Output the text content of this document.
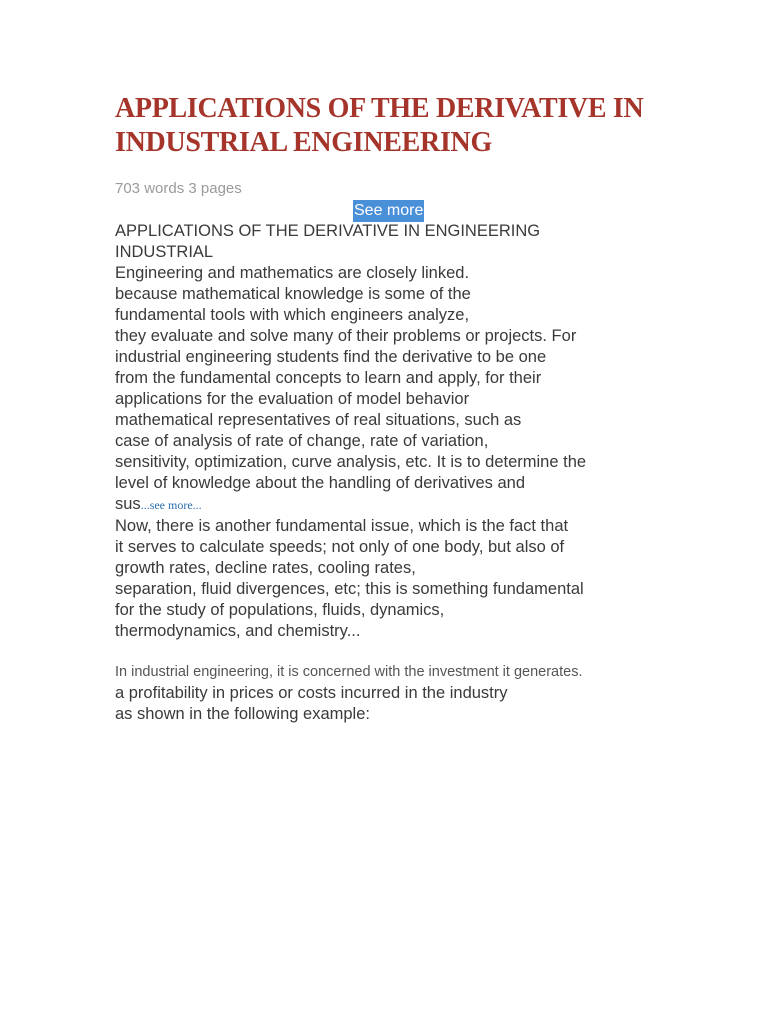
APPLICATIONS OF THE DERIVATIVE IN
INDUSTRIAL ENGINEERING
703 words 3 pages
See more
APPLICATIONS OF THE DERIVATIVE IN ENGINEERING
INDUSTRIAL
Engineering and mathematics are closely linked.
because mathematical knowledge is some of the
fundamental tools with which engineers analyze,
they evaluate and solve many of their problems or projects. For
industrial engineering students find the derivative to be one
from the fundamental concepts to learn and apply, for their
applications for the evaluation of model behavior
mathematical representatives of real situations, such as
case of analysis of rate of change, rate of variation,
sensitivity, optimization, curve analysis, etc. It is to determine the
level of knowledge about the handling of derivatives and
sus...see more...
Now, there is another fundamental issue, which is the fact that
it serves to calculate speeds; not only of one body, but also of
growth rates, decline rates, cooling rates,
separation, fluid divergences, etc; this is something fundamental
for the study of populations, fluids, dynamics,
thermodynamics, and chemistry...
In industrial engineering, it is concerned with the investment it generates.
a profitability in prices or costs incurred in the industry
as shown in the following example:
